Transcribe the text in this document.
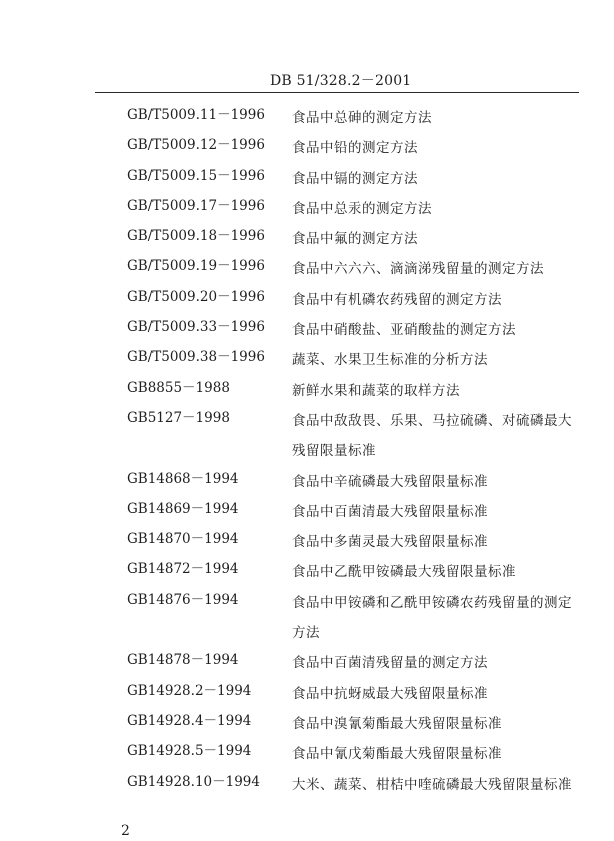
DB 51/328.2－2001
GB/T5009.11－1996 食品中总砷的测定方法
GB/T5009.12－1996 食品中铅的测定方法
GB/T5009.15－1996 食品中镉的测定方法
GB/T5009.17－1996 食品中总汞的测定方法
GB/T5009.18－1996 食品中氟的测定方法
GB/T5009.19－1996 食品中六六六、滴滴涕残留量的测定方法
GB/T5009.20－1996 食品中有机磷农药残留的测定方法
GB/T5009.33－1996 食品中硝酸盐、亚硝酸盐的测定方法
GB/T5009.38－1996 蔬菜、水果卫生标准的分析方法
GB8855－1988	新鲜水果和蔬菜的取样方法
GB5127－1998	食品中敌敌畏、乐果、马拉硫磷、对硫磷最大残留限量标准
GB14868－1994	食品中辛硫磷最大残留限量标准
GB14869－1994	食品中百菌清最大残留限量标准
GB14870－1994	食品中多菌灵最大残留限量标准
GB14872－1994	食品中乙酰甲铵磷最大残留限量标准
GB14876－1994	食品中甲铵磷和乙酰甲铵磷农药残留量的测定方法
GB14878－1994	食品中百菌清残留量的测定方法
GB14928.2－1994	食品中抗蚜威最大残留限量标准
GB14928.4－1994	食品中溴氰菊酯最大残留限量标准
GB14928.5－1994	食品中氰戊菊酯最大残留限量标准
GB14928.10－1994 大米、蔬菜、柑桔中喹硫磷最大残留限量标准
2
